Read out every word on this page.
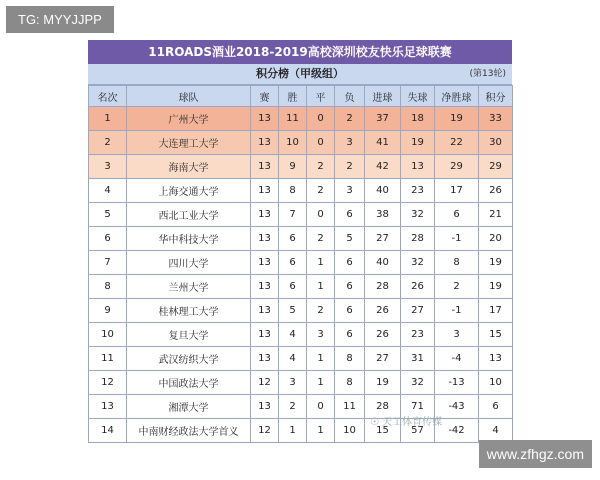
TG: MYYJJPP
11ROADS酒业2018-2019高校深圳校友快乐足球联赛
积分榜（甲级组）	(第13轮)
名次	球队	赛	胜	平	负	进球	失球	净胜球	积分
1	广州大学	13	11	0	2	37	18	19	33
2	大连理工大学	13	10	0	3	41	19	22	30
3	海南大学	13	9	2	2	42	13	29	29
4	上海交通大学	13	8	2	3	40	23	17	26
5	西北工业大学	13	7	0	6	38	32	6	21
6	华中科技大学	13	6	2	5	27	28	-1	20
7	四川大学	13	6	1	6	40	32	8	19
8	兰州大学	13	6	1	6	28	26	2	19
9	桂林理工大学	13	5	2	6	26	27	-1	17
10	复旦大学	13	4	3	6	26	23	3	15
11	武汉纺织大学	13	4	1	8	27	31	-4	13
12	中国政法大学	12	3	1	8	19	32	-13	10
13	湘潭大学	13	2	0	11	28	71	-43	6
14	中南财经政法大学首义	12	1	1	10	15	57	-42	4
☉ 天工体育传媒
www.zfhgz.com
